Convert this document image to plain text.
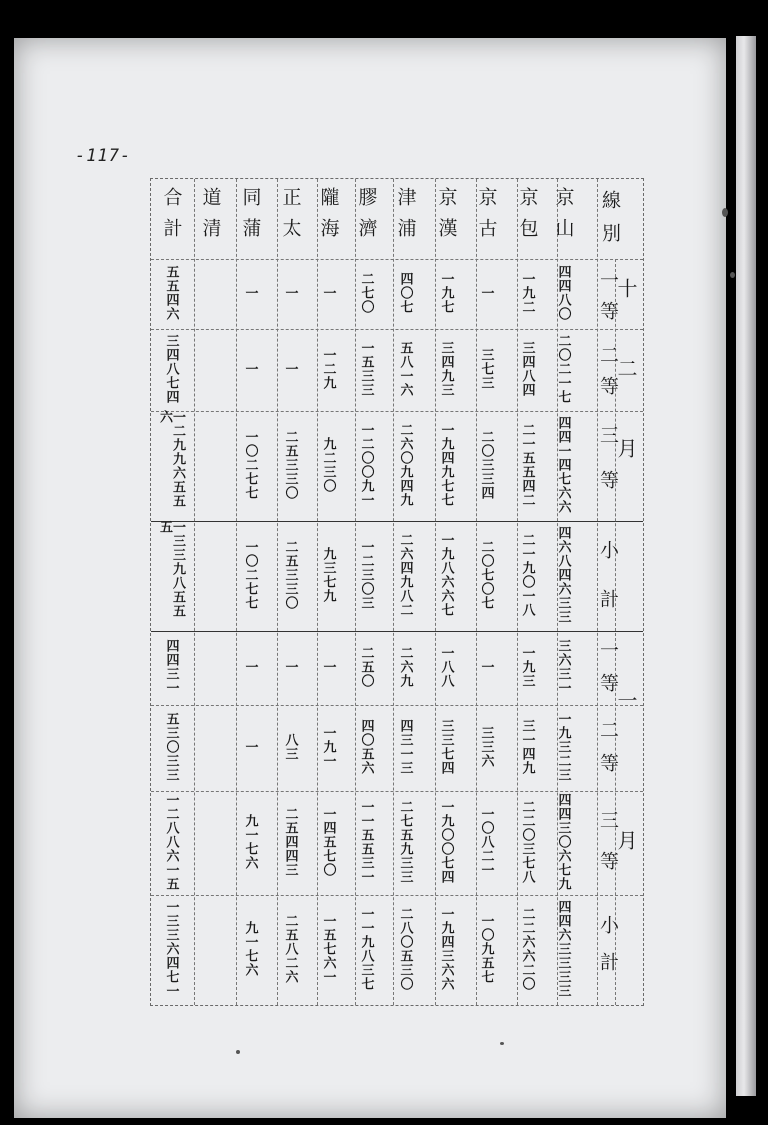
-117-
線別
十二月
一月
一等
二等
三等
小計
一等
二等
三等
小計
京山
四四八〇
二〇二一七
四四一四七六六
四六八四六三三
三六三一
一九三二三
四四三〇六七九
四四六三三三三
京包
一九二
三四八四
二一五五四二
二一九〇一八
一九三
三一四九
二二〇三七八
二二六六二〇
京古
一
三七三
二〇三三四
二〇七〇七
一
三三六
一〇八二一
一〇九五七
京漢
一九七
三四九三
一九四九七七
一九八六六七
一八八
三三七四
一九〇〇七四
一九四三六六
津浦
四〇七
五八一六
二六〇九四九
二六四九八二
二六九
四三一三
二七五九三三
二八〇五三〇
膠濟
二七〇
一五三三
一二〇〇九一
一二三〇三
二五〇
四〇五六
一一五五三一
一一九八三七
隴海
一
一二九
九二三〇
九三七九
一
一九一
一四五七〇
一五七六一
正太
一
一
二五三三〇
二五三三〇
一
八三
二五四四三
二五八二六
同蒲
一
一
一〇二七七
一〇二七七
一
一
九一七六
九一七六
道清
合計
五五四六
三四八七四
一二九九六五五六
一三三九八五五五
四四三一
五三〇三三
一二八八六一五
一三三六四七一
